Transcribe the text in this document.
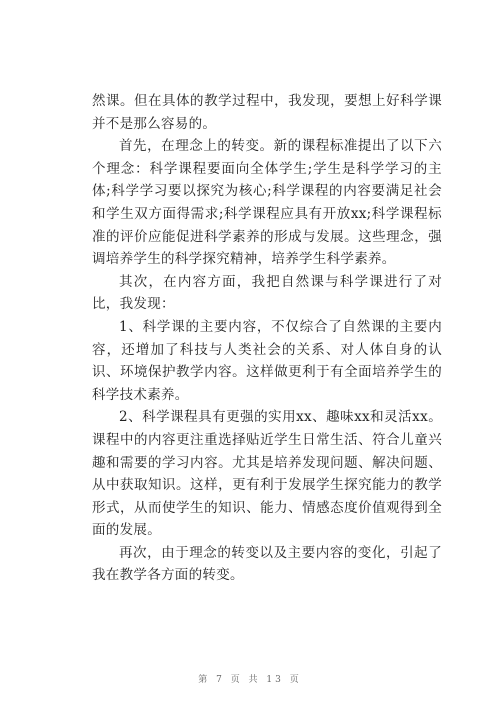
然课。但在具体的教学过程中，我发现，要想上好科学课并不是那么容易的。

首先，在理念上的转变。新的课程标准提出了以下六个理念：科学课程要面向全体学生;学生是科学学习的主体;科学学习要以探究为核心;科学课程的内容要满足社会和学生双方面得需求;科学课程应具有开放xx;科学课程标准的评价应能促进科学素养的形成与发展。这些理念，强调培养学生的科学探究精神，培养学生科学素养。

其次，在内容方面，我把自然课与科学课进行了对比，我发现：

1、科学课的主要内容，不仅综合了自然课的主要内容，还增加了科技与人类社会的关系、对人体自身的认识、环境保护教学内容。这样做更利于有全面培养学生的科学技术素养。

2、科学课程具有更强的实用xx、趣味xx和灵活xx。课程中的内容更注重选择贴近学生日常生活、符合儿童兴趣和需要的学习内容。尤其是培养发现问题、解决问题、从中获取知识。这样，更有利于发展学生探究能力的教学形式，从而使学生的知识、能力、情感态度价值观得到全面的发展。

再次，由于理念的转变以及主要内容的变化，引起了我在教学各方面的转变。

第 7 页 共 13 页
